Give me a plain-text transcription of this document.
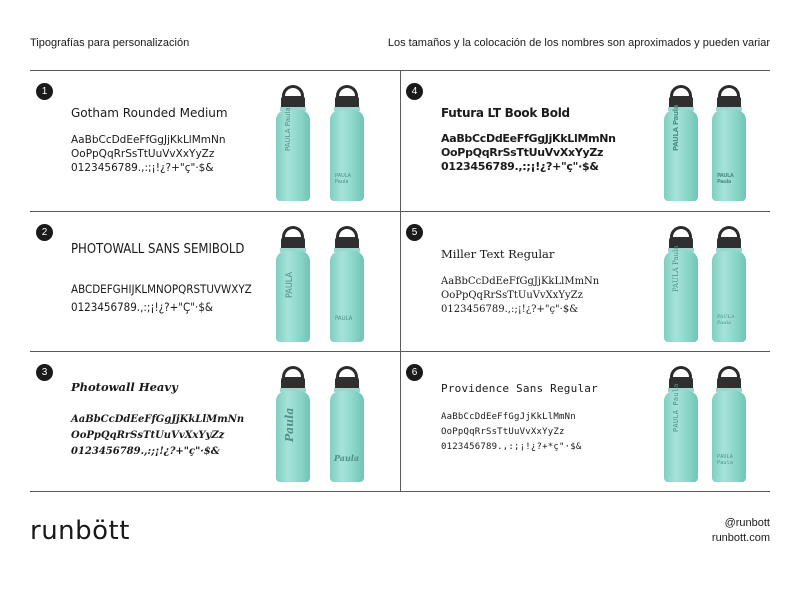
Tipografías para personalización	Los tamaños y la colocación de los nombres son aproximados y pueden variar
1
Gotham Rounded Medium
AaBbCcDdEeFfGgJjKkLlMmNn
OoPpQqRrSsTtUuVvXxYyZz
0123456789.,:;¡!¿?+"ç"·$&
PAULA Paula
PAULA
Paula
4
Futura LT Book Bold
AaBbCcDdEeFfGgJjKkLlMmNn
OoPpQqRrSsTtUuVvXxYyZz
0123456789.,:;¡!¿?+"ç"·$&
PAULA Paula
PAULA
Paula
2
PHOTOWALL SANS SEMIBOLD
ABCDEFGHIJKLMNOPQRSTUVWXYZ
0123456789.,:;¡!¿?+"Ç"·$&
PAULA
PAULA
5
Miller Text Regular
AaBbCcDdEeFfGgJjKkLlMmNn
OoPpQqRrSsTtUuVvXxYyZz
0123456789.,:;¡!¿?+"ç"·$&
PAULA Paula
PAULA
Paula
3
Photowall Heavy
AaBbCcDdEeFfGgJjKkLlMmNn
OoPpQqRrSsTtUuVvXxYyZz
0123456789.,:;¡!¿?+"ç"·$&
Paula
Paula
6
Providence Sans Regular
AaBbCcDdEeFfGgJjKkLlMmNn
OoPpQqRrSsTtUuVvXxYyZz
0123456789.,:;¡!¿?+*ç"·$&
PAULA Paula
PAULA
Paula
runbött	@runbott
runbott.com
